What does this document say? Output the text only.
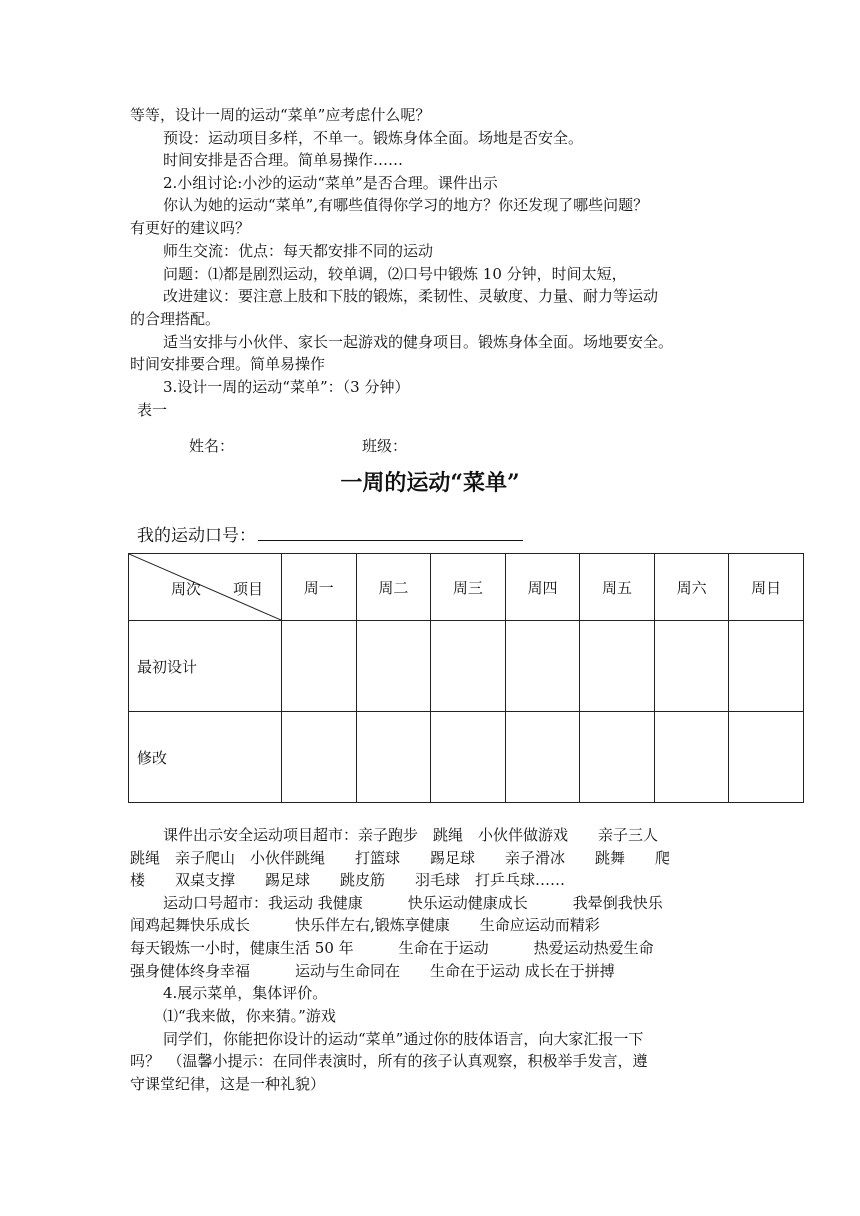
等等，设计一周的运动“菜单”应考虑什么呢？

预设：运动项目多样，不单一。锻炼身体全面。场地是否安全。

时间安排是否合理。简单易操作……

2.小组讨论:小沙的运动“菜单”是否合理。课件出示

你认为她的运动“菜单”,有哪些值得你学习的地方？你还发现了哪些问题？

有更好的建议吗？

师生交流：优点：每天都安排不同的运动

问题：⑴都是剧烈运动，较单调，⑵口号中锻炼 10 分钟，时间太短，

改进建议：要注意上肢和下肢的锻炼，柔韧性、灵敏度、力量、耐力等运动

的合理搭配。

适当安排与小伙伴、家长一起游戏的健身项目。锻炼身体全面。场地要安全。

时间安排要合理。简单易操作

3.设计一周的运动“菜单”：（3 分钟）

表一

姓名：	班级：
一周的运动“菜单”
我的运动口号：
周次 项目	周一	周二	周三	周四	周五	周六	周日
最初设计							
修改							

课件出示安全运动项目超市：亲子跑步　跳绳　小伙伴做游戏　　亲子三人

跳绳　亲子爬山　小伙伴跳绳　　打篮球　　踢足球　　亲子滑冰　　跳舞　　爬

楼　　双桌支撑　　踢足球　　跳皮筋　　羽毛球　打乒乓球……

运动口号超市：我运动 我健康　　　快乐运动健康成长　　　我晕倒我快乐

闻鸡起舞快乐成长　　　快乐伴左右,锻炼享健康　　生命应运动而精彩

每天锻炼一小时，健康生活 50 年　　　生命在于运动　　　热爱运动热爱生命

强身健体终身幸福　　　运动与生命同在　　生命在于运动 成长在于拼搏

4.展示菜单，集体评价。

⑴“我来做，你来猜。”游戏

同学们，你能把你设计的运动“菜单”通过你的肢体语言，向大家汇报一下

吗？　（温馨小提示：在同伴表演时，所有的孩子认真观察，积极举手发言，遵

守课堂纪律，这是一种礼貌）
